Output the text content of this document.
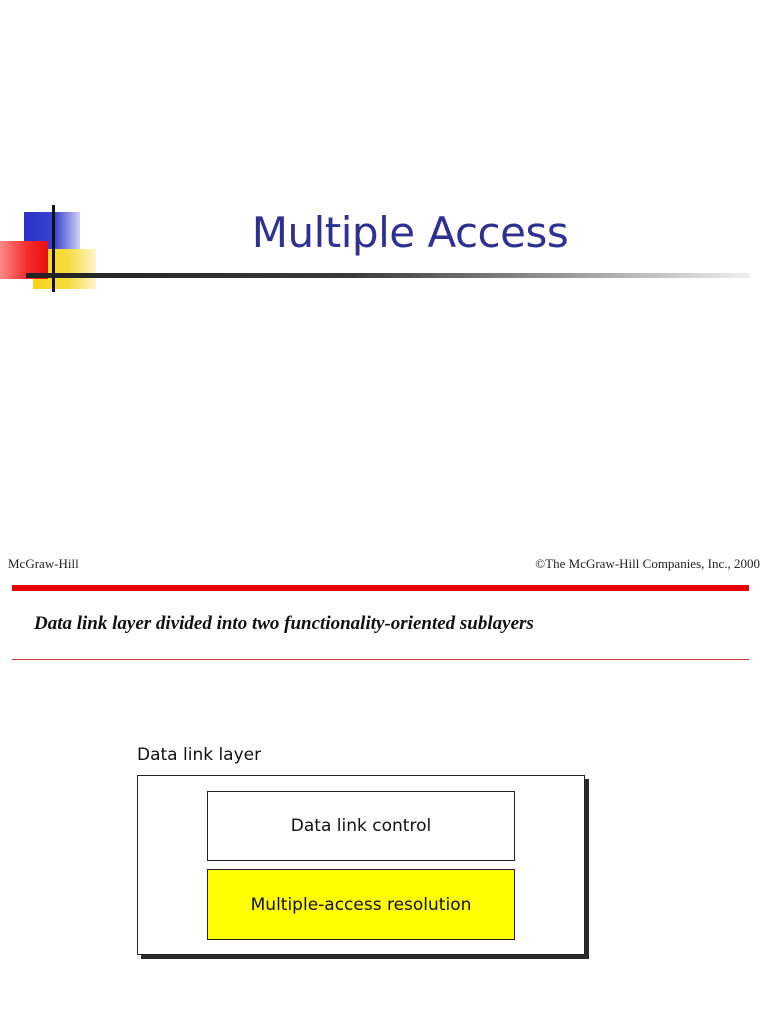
Multiple Access
McGraw-Hill	©The McGraw-Hill Companies, Inc., 2000
Data link layer divided into two functionality-oriented sublayers
Data link layer
Data link control
Multiple-access resolution
